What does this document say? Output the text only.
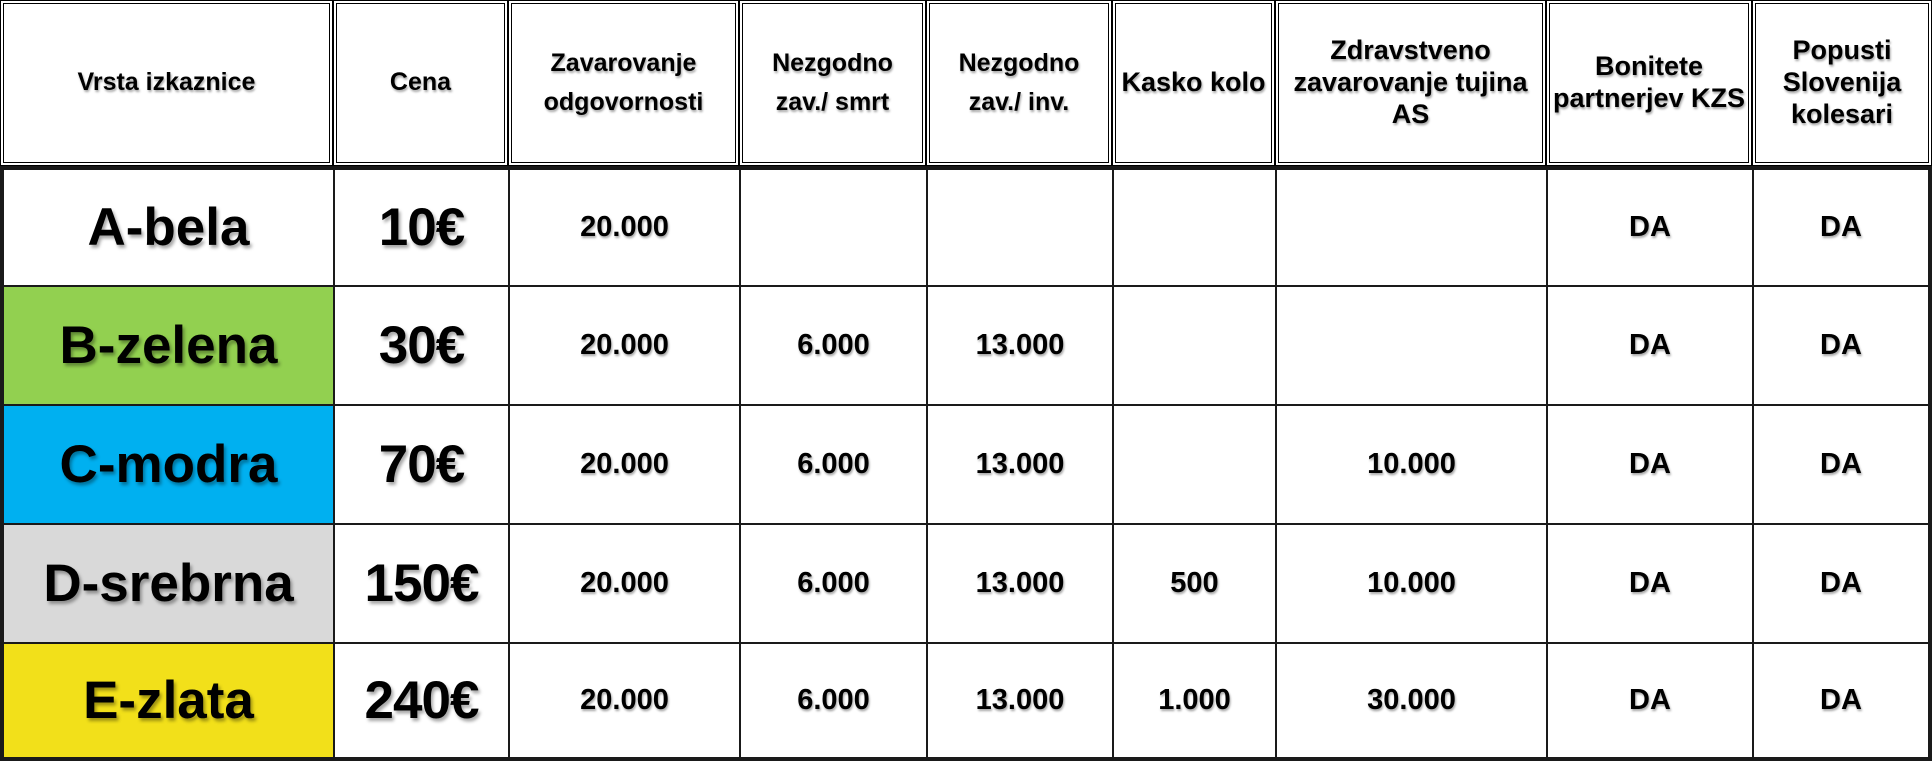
Vrsta izkaznice	Cena	Zavarovanje odgovornosti	Nezgodno zav./ smrt	Nezgodno zav./ inv.	Kasko kolo	Zdravstveno zavarovanje tujina AS	Bonitete partnerjev KZS	Popusti Slovenija kolesari
A-bela	10€	20.000					DA	DA
B-zelena	30€	20.000	6.000	13.000			DA	DA
C-modra	70€	20.000	6.000	13.000		10.000	DA	DA
D-srebrna	150€	20.000	6.000	13.000	500	10.000	DA	DA
E-zlata	240€	20.000	6.000	13.000	1.000	30.000	DA	DA
